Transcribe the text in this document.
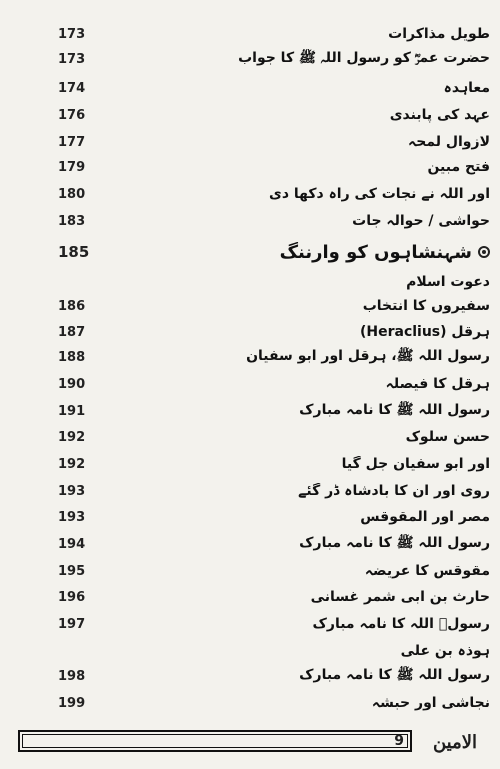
173	طویل مذاکرات
173	حضرت عمرؓ کو رسول اللہ ﷺ کا جواب
174	معاہدہ
176	عہد کی پابندی
177	لازوال لمحہ
179	فتح مبین
180	اور اللہ نے نجات کی راہ دکھا دی
183	حواشی / حوالہ جات
185	شہنشاہوں کو وارننگ
دعوت اسلام
186	سفیروں کا انتخاب
187	ہرقل (Heraclius)
188	رسول اللہ ﷺ، ہرقل اور ابو سفیان
190	ہرقل کا فیصلہ
191	رسول اللہ ﷺ کا نامہ مبارک
192	حسن سلوک
192	اور ابو سفیان جل گیا
193	روی اور ان کا بادشاہ ڈر گئے
193	مصر اور المقوقس
194	رسول اللہ ﷺ کا نامہ مبارک
195	مقوقس کا عریضہ
196	حارث بن ابی شمر غسانی
197	رسولؐ اللہ کا نامہ مبارک
ہوذہ بن علی
198	رسول اللہ ﷺ کا نامہ مبارک
199	نجاشی اور حبشہ
9	الامین
